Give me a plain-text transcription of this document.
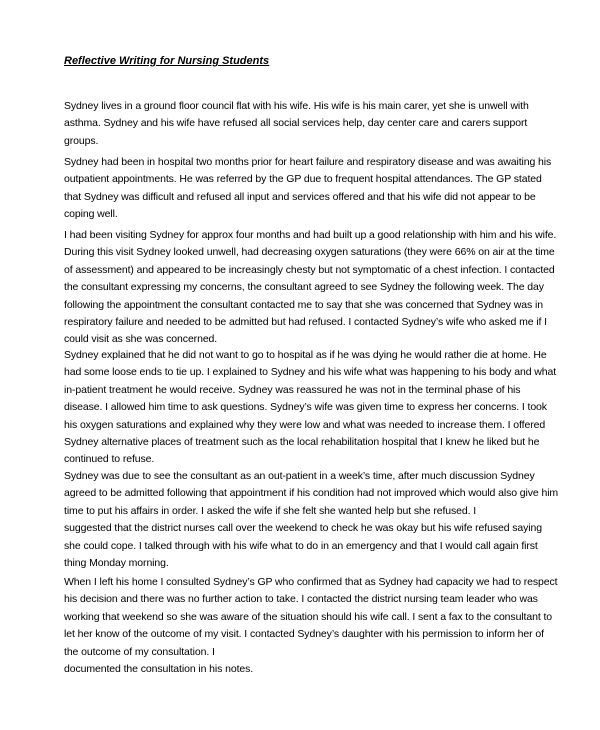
Reflective Writing for Nursing Students
Sydney lives in a ground floor council flat with his wife. His wife is his main carer, yet she is unwell with
asthma. Sydney and his wife have refused all social services help, day center care and carers support
groups.
Sydney had been in hospital two months prior for heart failure and respiratory disease and was awaiting his
outpatient appointments. He was referred by the GP due to frequent hospital attendances. The GP stated
that Sydney was difficult and refused all input and services offered and that his wife did not appear to be
coping well.
I had been visiting Sydney for approx four months and had built up a good relationship with him and his wife.
During this visit Sydney looked unwell, had decreasing oxygen saturations (they were 66% on air at the time
of assessment) and appeared to be increasingly chesty but not symptomatic of a chest infection. I contacted
the consultant expressing my concerns, the consultant agreed to see Sydney the following week. The day
following the appointment the consultant contacted me to say that she was concerned that Sydney was in
respiratory failure and needed to be admitted but had refused. I contacted Sydney’s wife who asked me if I
could visit as she was concerned.
Sydney explained that he did not want to go to hospital as if he was dying he would rather die at home. He
had some loose ends to tie up. I explained to Sydney and his wife what was happening to his body and what
in-patient treatment he would receive. Sydney was reassured he was not in the terminal phase of his
disease. I allowed him time to ask questions. Sydney’s wife was given time to express her concerns. I took
his oxygen saturations and explained why they were low and what was needed to increase them. I offered
Sydney alternative places of treatment such as the local rehabilitation hospital that I knew he liked but he
continued to refuse.
Sydney was due to see the consultant as an out-patient in a week’s time, after much discussion Sydney
agreed to be admitted following that appointment if his condition had not improved which would also give him
time to put his affairs in order. I asked the wife if she felt she wanted help but she refused. I
suggested that the district nurses call over the weekend to check he was okay but his wife refused saying
she could cope. I talked through with his wife what to do in an emergency and that I would call again first
thing Monday morning.
When I left his home I consulted Sydney’s GP who confirmed that as Sydney had capacity we had to respect
his decision and there was no further action to take. I contacted the district nursing team leader who was
working that weekend so she was aware of the situation should his wife call. I sent a fax to the consultant to
let her know of the outcome of my visit. I contacted Sydney’s daughter with his permission to inform her of
the outcome of my consultation. I
documented the consultation in his notes.
